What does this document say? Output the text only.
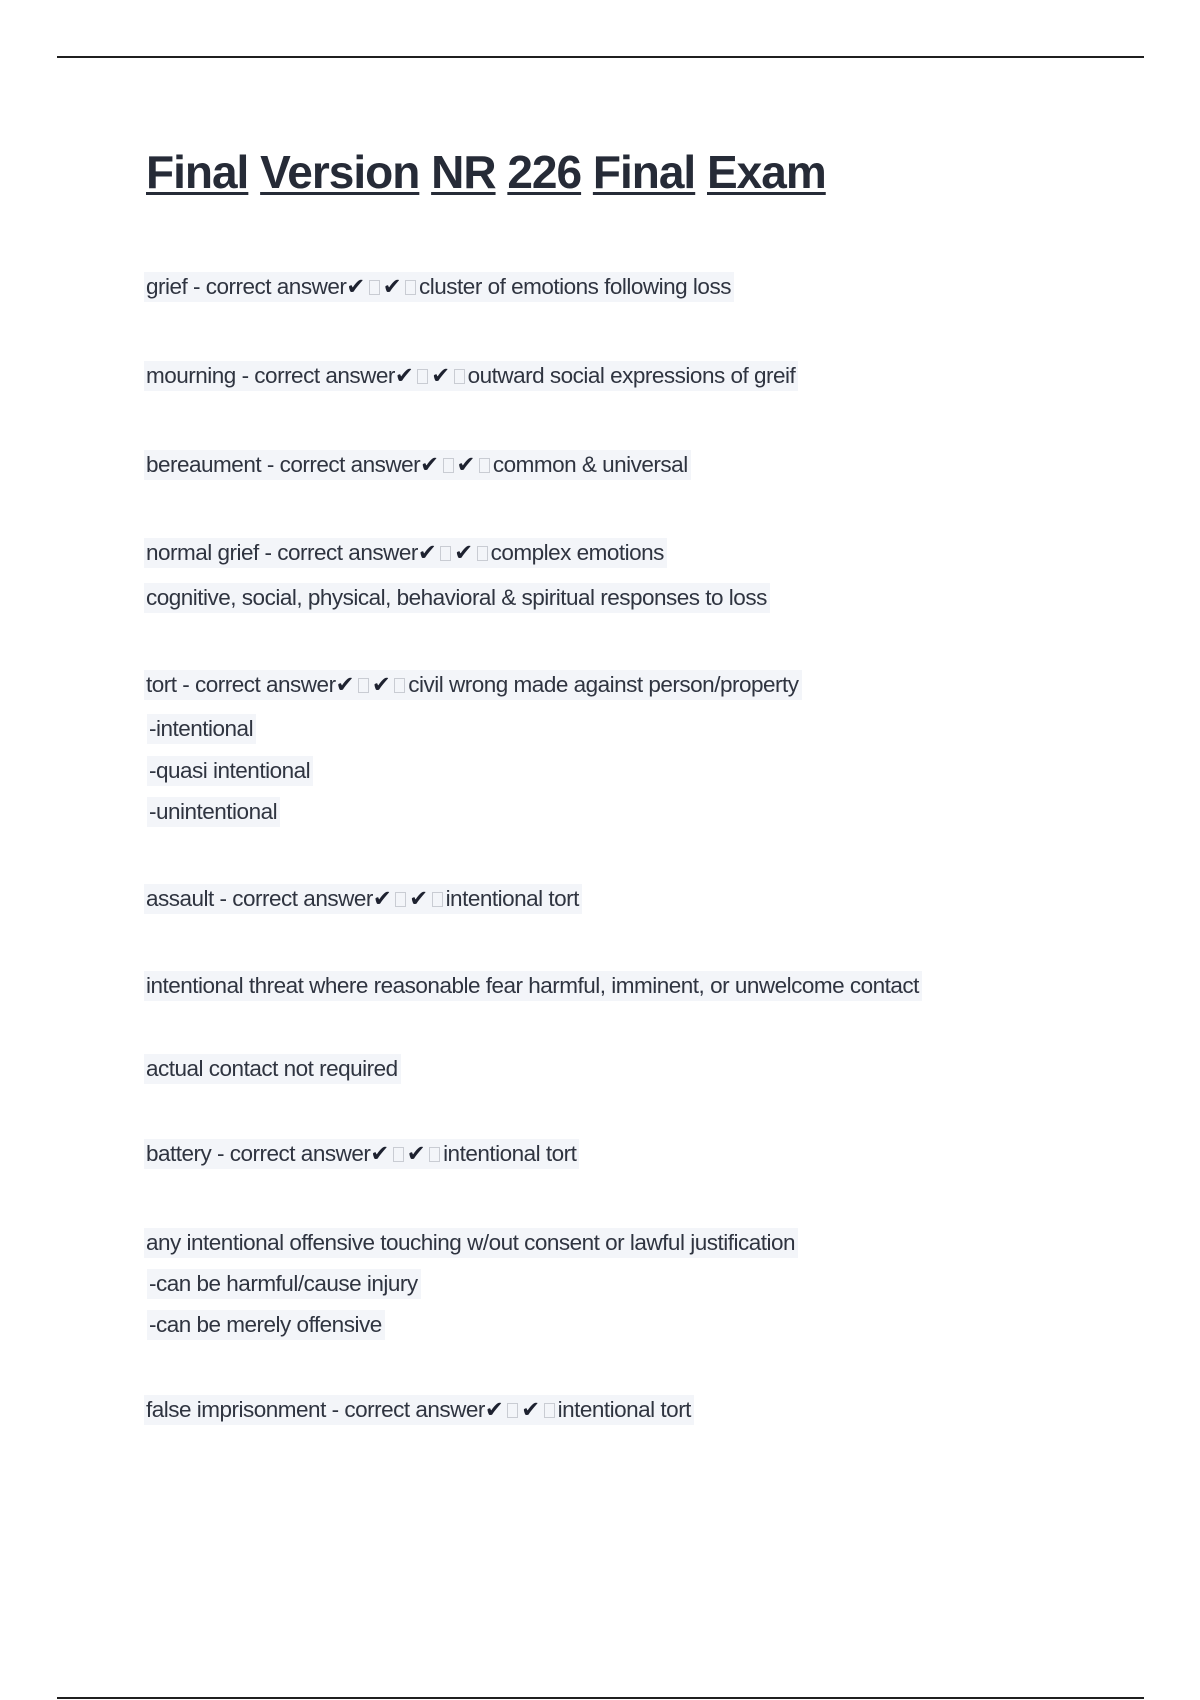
Final Version NR 226 Final Exam
grief - correct answer✔ ✔ cluster of emotions following loss
mourning - correct answer✔ ✔ outward social expressions of greif
bereaument - correct answer✔ ✔ common & universal
normal grief - correct answer✔ ✔ complex emotions
cognitive, social, physical, behavioral & spiritual responses to loss
tort - correct answer✔ ✔ civil wrong made against person/property
-intentional
-quasi intentional
-unintentional
assault - correct answer✔ ✔ intentional tort
intentional threat where reasonable fear harmful, imminent, or unwelcome contact
actual contact not required
battery - correct answer✔ ✔ intentional tort
any intentional offensive touching w/out consent or lawful justification
-can be harmful/cause injury
-can be merely offensive
false imprisonment - correct answer✔ ✔ intentional tort
